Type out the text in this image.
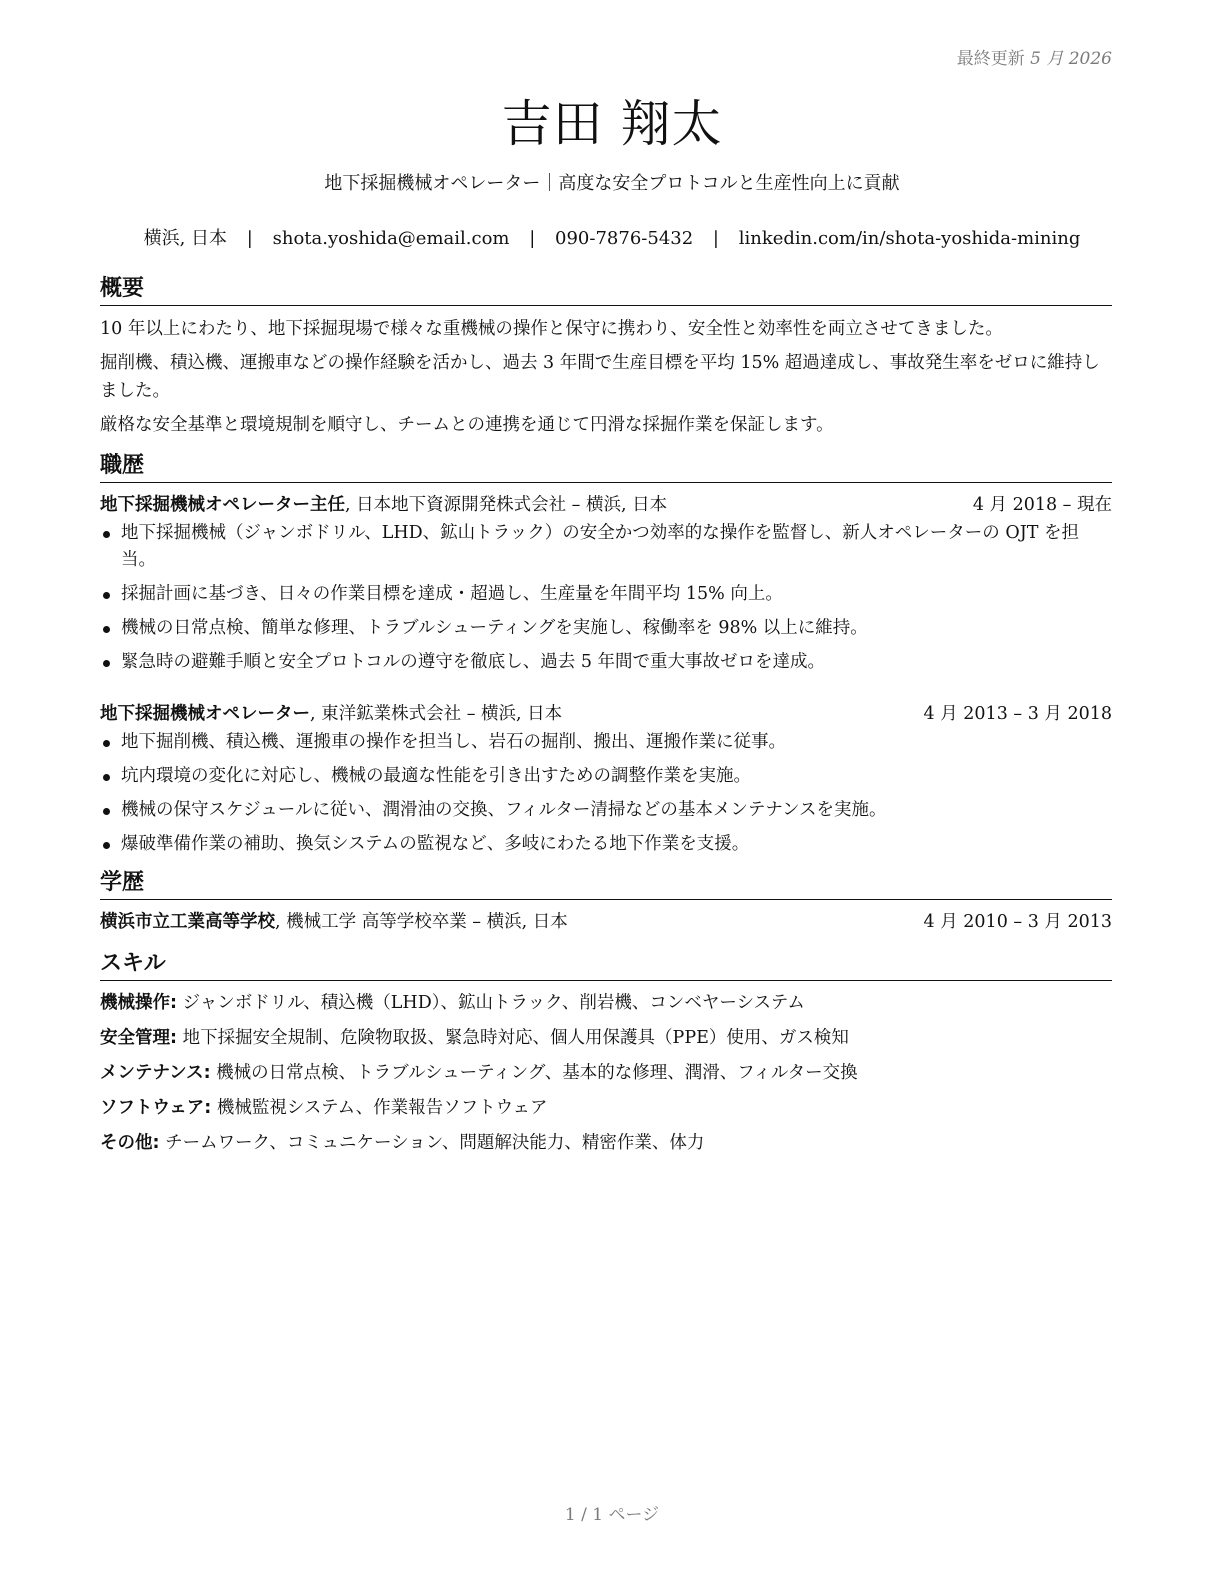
最終更新 5 月 2026
吉田 翔太
地下採掘機械オペレーター｜高度な安全プロトコルと生産性向上に貢献
横浜, 日本 | shota.yoshida@email.com | 090-7876-5432 | linkedin.com/in/shota-yoshida-mining
概要

10 年以上にわたり、地下採掘現場で様々な重機械の操作と保守に携わり、安全性と効率性を両立させてきました。

掘削機、積込機、運搬車などの操作経験を活かし、過去 3 年間で生産目標を平均 15% 超過達成し、事故発生率をゼロに維持しました。

厳格な安全基準と環境規制を順守し、チームとの連携を通じて円滑な採掘作業を保証します。

職歴
地下採掘機械オペレーター主任, 日本地下資源開発株式会社 – 横浜, 日本	4 月 2018 – 現在
地下採掘機械（ジャンボドリル、LHD、鉱山トラック）の安全かつ効率的な操作を監督し、新人オペレーターの OJT を担当。
採掘計画に基づき、日々の作業目標を達成・超過し、生産量を年間平均 15% 向上。
機械の日常点検、簡単な修理、トラブルシューティングを実施し、稼働率を 98% 以上に維持。
緊急時の避難手順と安全プロトコルの遵守を徹底し、過去 5 年間で重大事故ゼロを達成。
地下採掘機械オペレーター, 東洋鉱業株式会社 – 横浜, 日本	4 月 2013 – 3 月 2018
地下掘削機、積込機、運搬車の操作を担当し、岩石の掘削、搬出、運搬作業に従事。
坑内環境の変化に対応し、機械の最適な性能を引き出すための調整作業を実施。
機械の保守スケジュールに従い、潤滑油の交換、フィルター清掃などの基本メンテナンスを実施。
爆破準備作業の補助、換気システムの監視など、多岐にわたる地下作業を支援。
学歴
横浜市立工業高等学校, 機械工学 高等学校卒業 – 横浜, 日本	4 月 2010 – 3 月 2013
スキル
機械操作: ジャンボドリル、積込機（LHD）、鉱山トラック、削岩機、コンベヤーシステム
安全管理: 地下採掘安全規制、危険物取扱、緊急時対応、個人用保護具（PPE）使用、ガス検知
メンテナンス: 機械の日常点検、トラブルシューティング、基本的な修理、潤滑、フィルター交換
ソフトウェア: 機械監視システム、作業報告ソフトウェア
その他: チームワーク、コミュニケーション、問題解決能力、精密作業、体力
1 / 1 ページ
